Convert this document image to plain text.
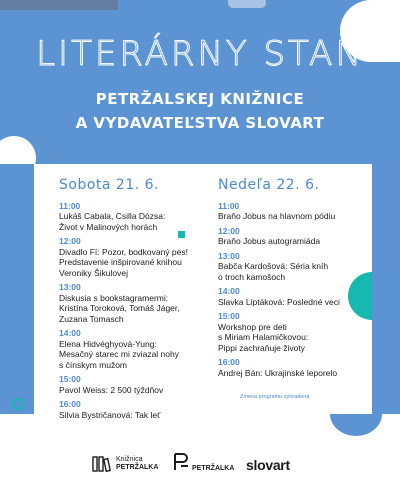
LITERÁRNY STAN
PETRŽALSKEJ KNIŽNICE
A VYDAVATEĽSTVA SLOVART
Sobota 21. 6.
11:00
Lukáš Cabala, Csilla Dózsa:
Život v Malinových horách
12:00
Divadlo Fí: Pozor, bodkovaný pes!
Predstavenie inšpirované knihou
Veroniky Šikulovej
13:00
Diskusia s bookstagramermi:
Kristína Toroková, Tomáš Jáger,
Zuzana Tomasch
14:00
Elena Hidvéghyová-Yung:
Mesačný starec mi zviazal nohy
s čínskym mužom
15:00
Pavol Weiss: 2 500 týždňov
16:00
Silvia Bystričanová: Tak leť
Nedeľa 22. 6.
11:00
Braňo Jobus na hlavnom pódiu
12:00
Braňo Jobus autogramiáda
13:00
Babča Kardošová: Séria kníh
o troch kamošoch
14:00
Slavka Liptáková: Posledné veci
15:00
Workshop pre deti
s Miriam Halamičkovou:
Pippi zachraňuje životy
16:00
Andrej Bán: Ukrajinské leporelo
Zmena programu vyhradená
Knižnica
PETRŽALKA	PETRŽALKA slovart
